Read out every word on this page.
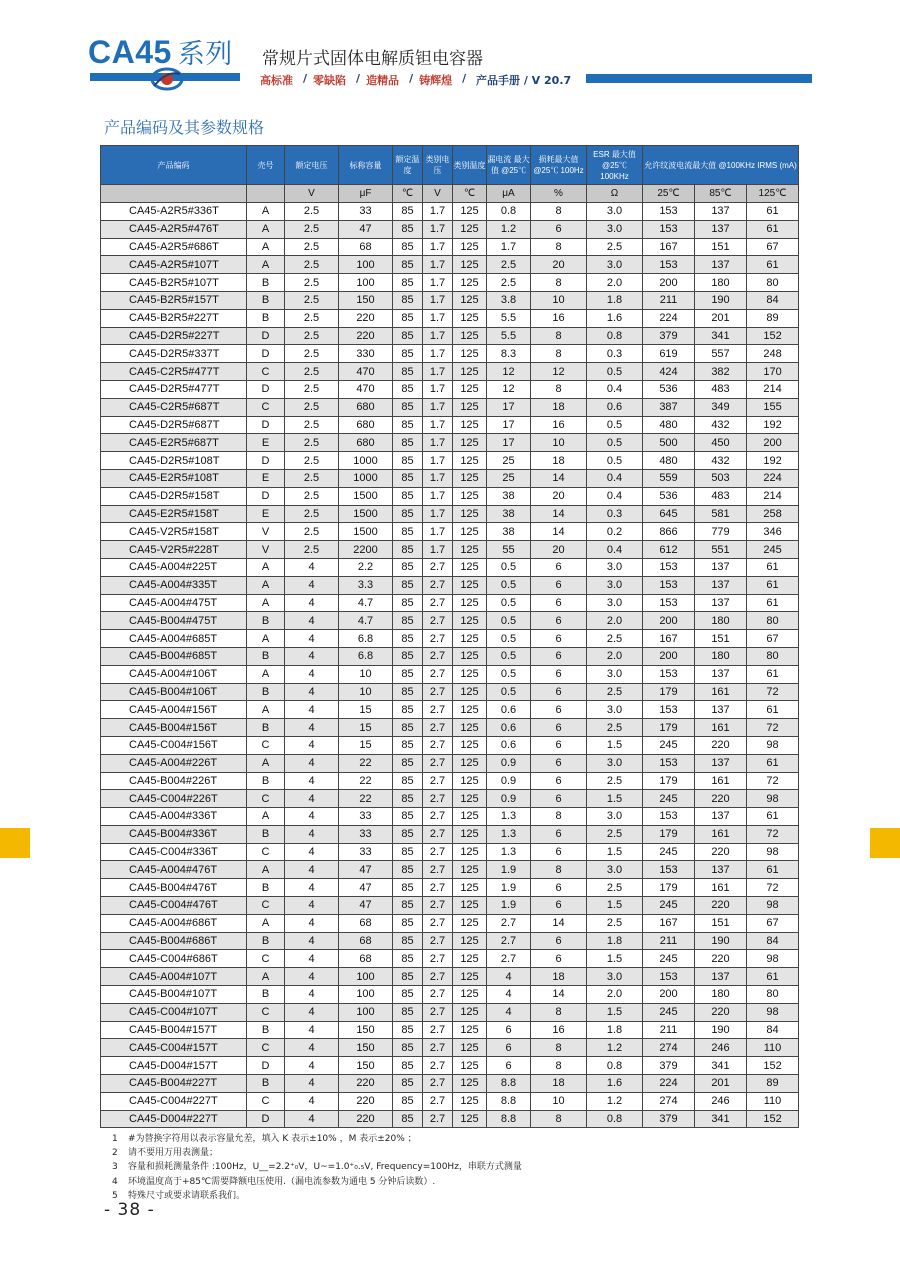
CA45 系列 常规片式固体电解质钽电容器
高标准 / 零缺陷 / 造精品 / 铸辉煌 / 产品手册 / V 20.7
产品编码及其参数规格
产品编码	壳号	额定电压	标称容量	额定温度	类别电压	类别温度	漏电流 最大值 @25℃	损耗最大值 @25℃ 100Hz	ESR 最大值 @25℃ 100KHz	允许纹波电流最大值 @100KHz IRMS (mA)		
		V	μF	℃	V	℃	μA	%	Ω	25℃	85℃	125℃
CA45-A2R5#336T	A	2.5	33	85	1.7	125	0.8	8	3.0	153	137	61
CA45-A2R5#476T	A	2.5	47	85	1.7	125	1.2	6	3.0	153	137	61
CA45-A2R5#686T	A	2.5	68	85	1.7	125	1.7	8	2.5	167	151	67
CA45-A2R5#107T	A	2.5	100	85	1.7	125	2.5	20	3.0	153	137	61
CA45-B2R5#107T	B	2.5	100	85	1.7	125	2.5	8	2.0	200	180	80
CA45-B2R5#157T	B	2.5	150	85	1.7	125	3.8	10	1.8	211	190	84
CA45-B2R5#227T	B	2.5	220	85	1.7	125	5.5	16	1.6	224	201	89
CA45-D2R5#227T	D	2.5	220	85	1.7	125	5.5	8	0.8	379	341	152
CA45-D2R5#337T	D	2.5	330	85	1.7	125	8.3	8	0.3	619	557	248
CA45-C2R5#477T	C	2.5	470	85	1.7	125	12	12	0.5	424	382	170
CA45-D2R5#477T	D	2.5	470	85	1.7	125	12	8	0.4	536	483	214
CA45-C2R5#687T	C	2.5	680	85	1.7	125	17	18	0.6	387	349	155
CA45-D2R5#687T	D	2.5	680	85	1.7	125	17	16	0.5	480	432	192
CA45-E2R5#687T	E	2.5	680	85	1.7	125	17	10	0.5	500	450	200
CA45-D2R5#108T	D	2.5	1000	85	1.7	125	25	18	0.5	480	432	192
CA45-E2R5#108T	E	2.5	1000	85	1.7	125	25	14	0.4	559	503	224
CA45-D2R5#158T	D	2.5	1500	85	1.7	125	38	20	0.4	536	483	214
CA45-E2R5#158T	E	2.5	1500	85	1.7	125	38	14	0.3	645	581	258
CA45-V2R5#158T	V	2.5	1500	85	1.7	125	38	14	0.2	866	779	346
CA45-V2R5#228T	V	2.5	2200	85	1.7	125	55	20	0.4	612	551	245
CA45-A004#225T	A	4	2.2	85	2.7	125	0.5	6	3.0	153	137	61
CA45-A004#335T	A	4	3.3	85	2.7	125	0.5	6	3.0	153	137	61
CA45-A004#475T	A	4	4.7	85	2.7	125	0.5	6	3.0	153	137	61
CA45-B004#475T	B	4	4.7	85	2.7	125	0.5	6	2.0	200	180	80
CA45-A004#685T	A	4	6.8	85	2.7	125	0.5	6	2.5	167	151	67
CA45-B004#685T	B	4	6.8	85	2.7	125	0.5	6	2.0	200	180	80
CA45-A004#106T	A	4	10	85	2.7	125	0.5	6	3.0	153	137	61
CA45-B004#106T	B	4	10	85	2.7	125	0.5	6	2.5	179	161	72
CA45-A004#156T	A	4	15	85	2.7	125	0.6	6	3.0	153	137	61
CA45-B004#156T	B	4	15	85	2.7	125	0.6	6	2.5	179	161	72
CA45-C004#156T	C	4	15	85	2.7	125	0.6	6	1.5	245	220	98
CA45-A004#226T	A	4	22	85	2.7	125	0.9	6	3.0	153	137	61
CA45-B004#226T	B	4	22	85	2.7	125	0.9	6	2.5	179	161	72
CA45-C004#226T	C	4	22	85	2.7	125	0.9	6	1.5	245	220	98
CA45-A004#336T	A	4	33	85	2.7	125	1.3	8	3.0	153	137	61
CA45-B004#336T	B	4	33	85	2.7	125	1.3	6	2.5	179	161	72
CA45-C004#336T	C	4	33	85	2.7	125	1.3	6	1.5	245	220	98
CA45-A004#476T	A	4	47	85	2.7	125	1.9	8	3.0	153	137	61
CA45-B004#476T	B	4	47	85	2.7	125	1.9	6	2.5	179	161	72
CA45-C004#476T	C	4	47	85	2.7	125	1.9	6	1.5	245	220	98
CA45-A004#686T	A	4	68	85	2.7	125	2.7	14	2.5	167	151	67
CA45-B004#686T	B	4	68	85	2.7	125	2.7	6	1.8	211	190	84
CA45-C004#686T	C	4	68	85	2.7	125	2.7	6	1.5	245	220	98
CA45-A004#107T	A	4	100	85	2.7	125	4	18	3.0	153	137	61
CA45-B004#107T	B	4	100	85	2.7	125	4	14	2.0	200	180	80
CA45-C004#107T	C	4	100	85	2.7	125	4	8	1.5	245	220	98
CA45-B004#157T	B	4	150	85	2.7	125	6	16	1.8	211	190	84
CA45-C004#157T	C	4	150	85	2.7	125	6	8	1.2	274	246	110
CA45-D004#157T	D	4	150	85	2.7	125	6	8	0.8	379	341	152
CA45-B004#227T	B	4	220	85	2.7	125	8.8	18	1.6	224	201	89
CA45-C004#227T	C	4	220	85	2.7	125	8.8	10	1.2	274	246	110
CA45-D004#227T	D	4	220	85	2.7	125	8.8	8	0.8	379	341	152
1 #为替换字符用以表示容量允差，填入 K 表示±10% ，M 表示±20% ；
2 请不要用万用表测量；
3 容量和损耗测量条件 :100Hz，U__=2.2⁺₀V，U~=1.0⁺₀.₅V, Frequency=100Hz，串联方式测量
4 环境温度高于+85℃需要降额电压使用.（漏电流参数为通电 5 分钟后读数）.
5 特殊尺寸或要求请联系我们。
- 38 -
